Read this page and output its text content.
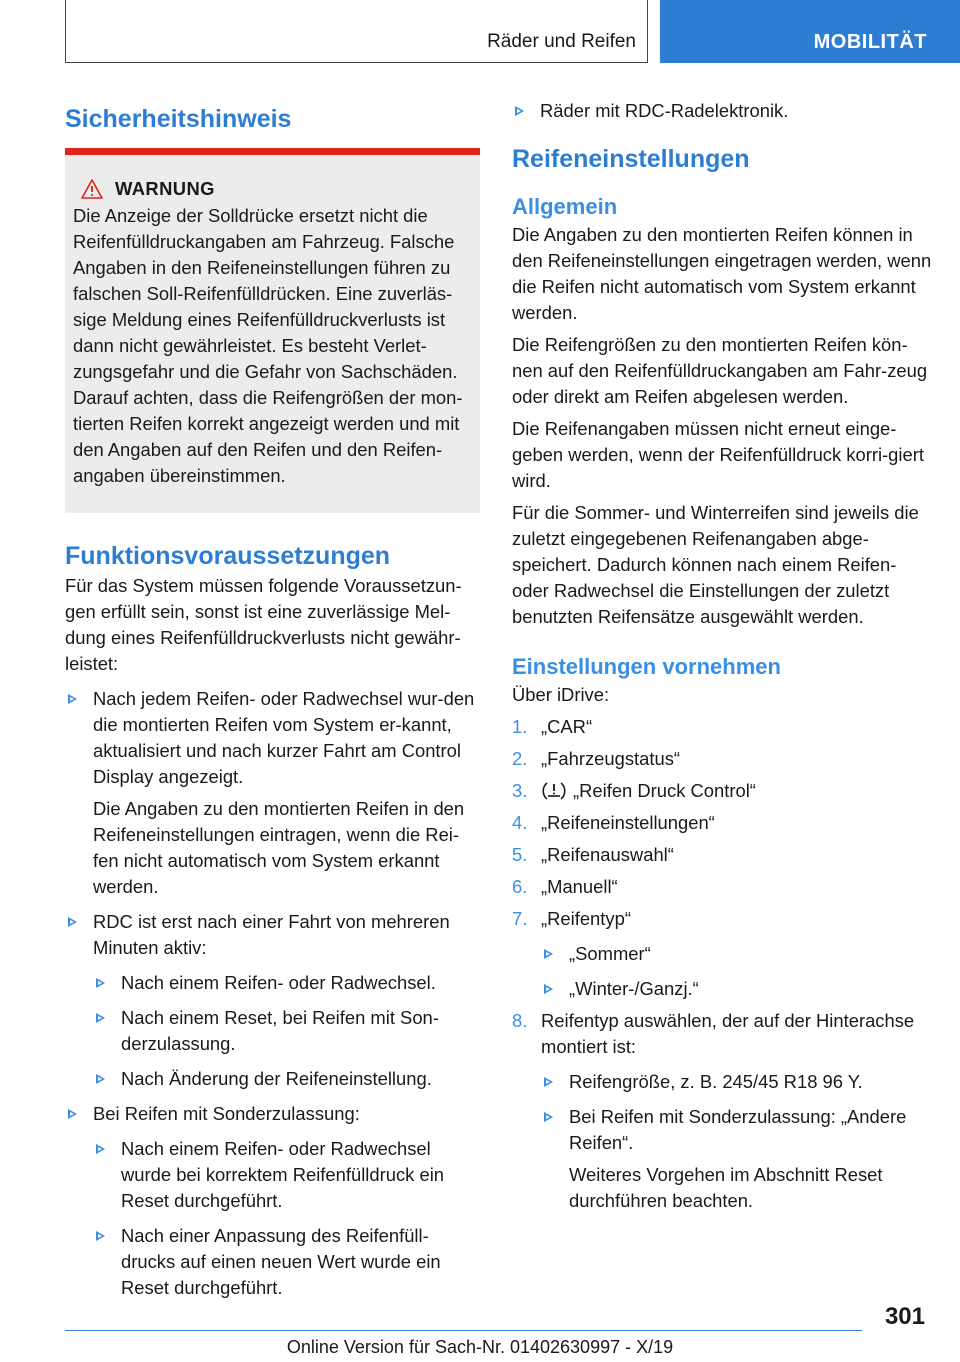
Räder und Reifen	MOBILITÄT
Sicherheitshinweis
WARNUNG

Die Anzeige der Solldrücke ersetzt nicht die Reifenfülldruckangaben am Fahrzeug. Falsche Angaben in den Reifeneinstellungen führen zu falschen Soll-Reifenfülldrücken. Eine zuverläs-sige Meldung eines Reifenfülldruckverlusts ist dann nicht gewährleistet. Es besteht Verlet-zungsgefahr und die Gefahr von Sachschäden. Darauf achten, dass die Reifengrößen der mon-tierten Reifen korrekt angezeigt werden und mit den Angaben auf den Reifen und den Reifen-angaben übereinstimmen.

Funktionsvoraussetzungen

Für das System müssen folgende Voraussetzun-gen erfüllt sein, sonst ist eine zuverlässige Mel-dung eines Reifenfülldruckverlusts nicht gewähr-leistet:

Nach jedem Reifen- oder Radwechsel wur-den die montierten Reifen vom System er-kannt, aktualisiert und nach kurzer Fahrt am Control Display angezeigt.

Die Angaben zu den montierten Reifen in den Reifeneinstellungen eintragen, wenn die Rei-fen nicht automatisch vom System erkannt werden.

RDC ist erst nach einer Fahrt von mehreren Minuten aktiv:
Nach einem Reifen- oder Radwechsel.
Nach einem Reset, bei Reifen mit Son-derzulassung.
Nach Änderung der Reifeneinstellung.
Bei Reifen mit Sonderzulassung:
Nach einem Reifen- oder Radwechsel wurde bei korrektem Reifenfülldruck ein Reset durchgeführt.
Nach einer Anpassung des Reifenfüll-drucks auf einen neuen Wert wurde ein Reset durchgeführt.
Räder mit RDC-Radelektronik.
Reifeneinstellungen
Allgemein

Die Angaben zu den montierten Reifen können in den Reifeneinstellungen eingetragen werden, wenn die Reifen nicht automatisch vom System erkannt werden.

Die Reifengrößen zu den montierten Reifen kön-nen auf den Reifenfülldruckangaben am Fahr-zeug oder direkt am Reifen abgelesen werden.

Die Reifenangaben müssen nicht erneut einge-geben werden, wenn der Reifenfülldruck korri-giert wird.

Für die Sommer- und Winterreifen sind jeweils die zuletzt eingegebenen Reifenangaben abge-speichert. Dadurch können nach einem Reifen-oder Radwechsel die Einstellungen der zuletzt benutzten Reifensätze ausgewählt werden.

Einstellungen vornehmen

Über iDrive:

1. „CAR“
2. „Fahrzeugstatus“
3. „Reifen Druck Control“
4. „Reifeneinstellungen“
5. „Reifenauswahl“
6. „Manuell“
7. „Reifentyp“
„Sommer“
„Winter-/Ganzj.“
8. Reifentyp auswählen, der auf der Hinterachse montiert ist:
Reifengröße, z. B. 245/45 R18 96 Y.
Bei Reifen mit Sonderzulassung: „Andere Reifen“.

Weiteres Vorgehen im Abschnitt Reset durchführen beachten.

301
Online Version für Sach-Nr. 01402630997 - X/19
